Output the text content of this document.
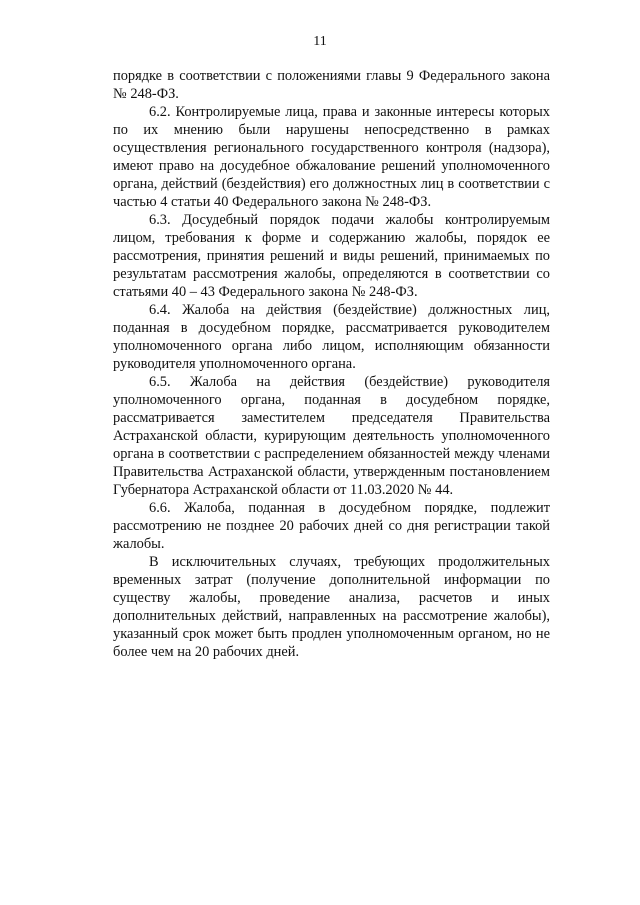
11

порядке в соответствии с положениями главы 9 Федерального закона № 248-ФЗ.

6.2. Контролируемые лица, права и законные интересы которых по их мнению были нарушены непосредственно в рамках осуществления регионального государственного контроля (надзора), имеют право на досудебное обжалование решений уполномоченного органа, действий (бездействия) его должностных лиц в соответствии с частью 4 статьи 40 Федерального закона № 248-ФЗ.

6.3. Досудебный порядок подачи жалобы контролируемым лицом, требования к форме и содержанию жалобы, порядок ее рассмотрения, принятия решений и виды решений, принимаемых по результатам рассмотрения жалобы, определяются в соответствии со статьями 40 – 43 Федерального закона № 248-ФЗ.

6.4. Жалоба на действия (бездействие) должностных лиц, поданная в досудебном порядке, рассматривается руководителем уполномоченного органа либо лицом, исполняющим обязанности руководителя уполномоченного органа.

6.5. Жалоба на действия (бездействие) руководителя уполномоченного органа, поданная в досудебном порядке, рассматривается заместителем председателя Правительства Астраханской области, курирующим деятельность уполномоченного органа в соответствии с распределением обязанностей между членами Правительства Астраханской области, утвержденным постановлением Губернатора Астраханской области от 11.03.2020 № 44.

6.6. Жалоба, поданная в досудебном порядке, подлежит рассмотрению не позднее 20 рабочих дней со дня регистрации такой жалобы.

В исключительных случаях, требующих продолжительных временных затрат (получение дополнительной информации по существу жалобы, проведение анализа, расчетов и иных дополнительных действий, направленных на рассмотрение жалобы), указанный срок может быть продлен уполномоченным органом, но не более чем на 20 рабочих дней.
